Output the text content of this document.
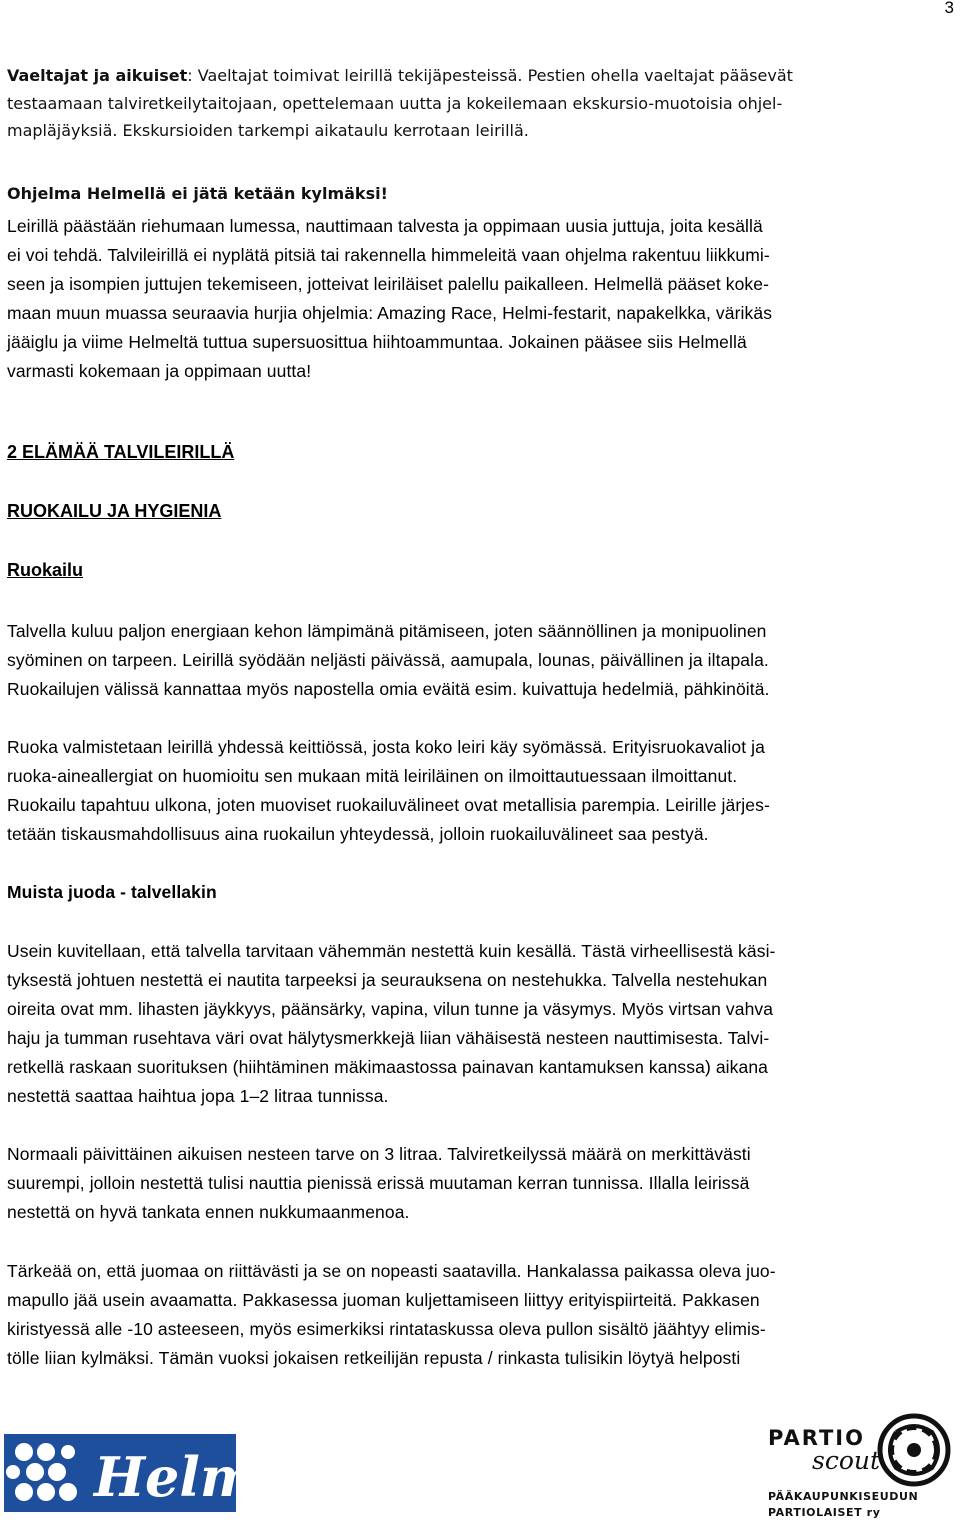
3
Vaeltajat ja aikuiset: Vaeltajat toimivat leirillä tekijäpesteissä. Pestien ohella vaeltajat pääsevät
testaamaan talviretkeilytaitojaan, opettelemaan uutta ja kokeilemaan ekskursio-muotoisia ohjel-
mapläjäyksiä. Ekskursioiden tarkempi aikataulu kerrotaan leirillä.
Ohjelma Helmellä ei jätä ketään kylmäksi!
Leirillä päästään riehumaan lumessa, nauttimaan talvesta ja oppimaan uusia juttuja, joita kesällä
ei voi tehdä. Talvileirillä ei nyplätä pitsiä tai rakennella himmeleitä vaan ohjelma rakentuu liikkumi-
seen ja isompien juttujen tekemiseen, jotteivat leiriläiset palellu paikalleen. Helmellä pääset koke-
maan muun muassa seuraavia hurjia ohjelmia: Amazing Race, Helmi-festarit, napakelkka, värikäs
jääiglu ja viime Helmeltä tuttua supersuosittua hiihtoammuntaa. Jokainen pääsee siis Helmellä
varmasti kokemaan ja oppimaan uutta!
2 ELÄMÄÄ TALVILEIRILLÄ
RUOKAILU JA HYGIENIA
Ruokailu
Talvella kuluu paljon energiaan kehon lämpimänä pitämiseen, joten säännöllinen ja monipuolinen
syöminen on tarpeen. Leirillä syödään neljästi päivässä, aamupala, lounas, päivällinen ja iltapala.
Ruokailujen välissä kannattaa myös napostella omia eväitä esim. kuivattuja hedelmiä, pähkinöitä.
Ruoka valmistetaan leirillä yhdessä keittiössä, josta koko leiri käy syömässä. Erityisruokavaliot ja
ruoka-aineallergiat on huomioitu sen mukaan mitä leiriläinen on ilmoittautuessaan ilmoittanut.
Ruokailu tapahtuu ulkona, joten muoviset ruokailuvälineet ovat metallisia parempia. Leirille järjes-
tetään tiskausmahdollisuus aina ruokailun yhteydessä, jolloin ruokailuvälineet saa pestyä.
Muista juoda - talvellakin
Usein kuvitellaan, että talvella tarvitaan vähemmän nestettä kuin kesällä. Tästä virheellisestä käsi-
tyksestä johtuen nestettä ei nautita tarpeeksi ja seurauksena on nestehukka. Talvella nestehukan
oireita ovat mm. lihasten jäykkyys, päänsärky, vapina, vilun tunne ja väsymys. Myös virtsan vahva
haju ja tumman rusehtava väri ovat hälytysmerkkejä liian vähäisestä nesteen nauttimisesta. Talvi-
retkellä raskaan suorituksen (hiihtäminen mäkimaastossa painavan kantamuksen kanssa) aikana
nestettä saattaa haihtua jopa 1–2 litraa tunnissa.
Normaali päivittäinen aikuisen nesteen tarve on 3 litraa. Talviretkeilyssä määrä on merkittävästi
suurempi, jolloin nestettä tulisi nauttia pienissä erissä muutaman kerran tunnissa. Illalla leirissä
nestettä on hyvä tankata ennen nukkumaanmenoa.
Tärkeää on, että juomaa on riittävästi ja se on nopeasti saatavilla. Hankalassa paikassa oleva juo-
mapullo jää usein avaamatta. Pakkasessa juoman kuljettamiseen liittyy erityispiirteitä. Pakkasen
kiristyessä alle -10 asteeseen, myös esimerkiksi rintataskussa oleva pullon sisältö jäähtyy elimis-
tölle liian kylmäksi. Tämän vuoksi jokaisen retkeilijän repusta / rinkasta tulisikin löytyä helposti
Helmi
PARTIO
scout
PÄÄKAUPUNKISEUDUN
PARTIOLAISET ry
